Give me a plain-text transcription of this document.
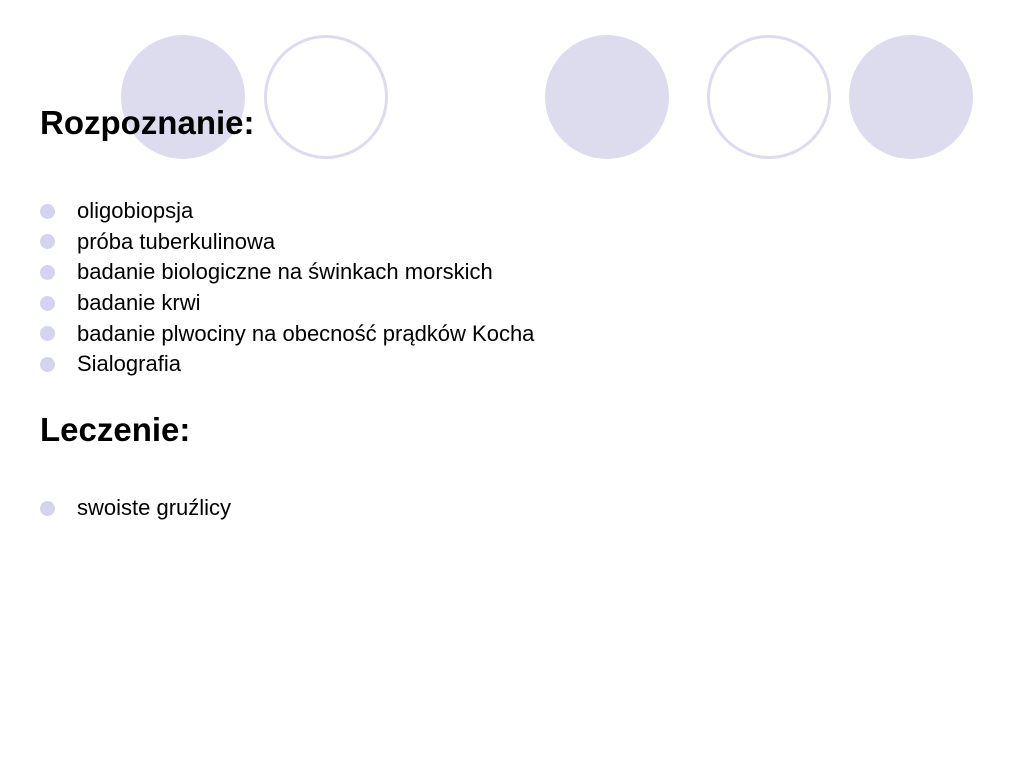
Rozpoznanie:
oligobiopsja
próba tuberkulinowa
badanie biologiczne na świnkach morskich
badanie krwi
badanie plwociny na obecność prądków Kocha
Sialografia
Leczenie:
swoiste gruźlicy
